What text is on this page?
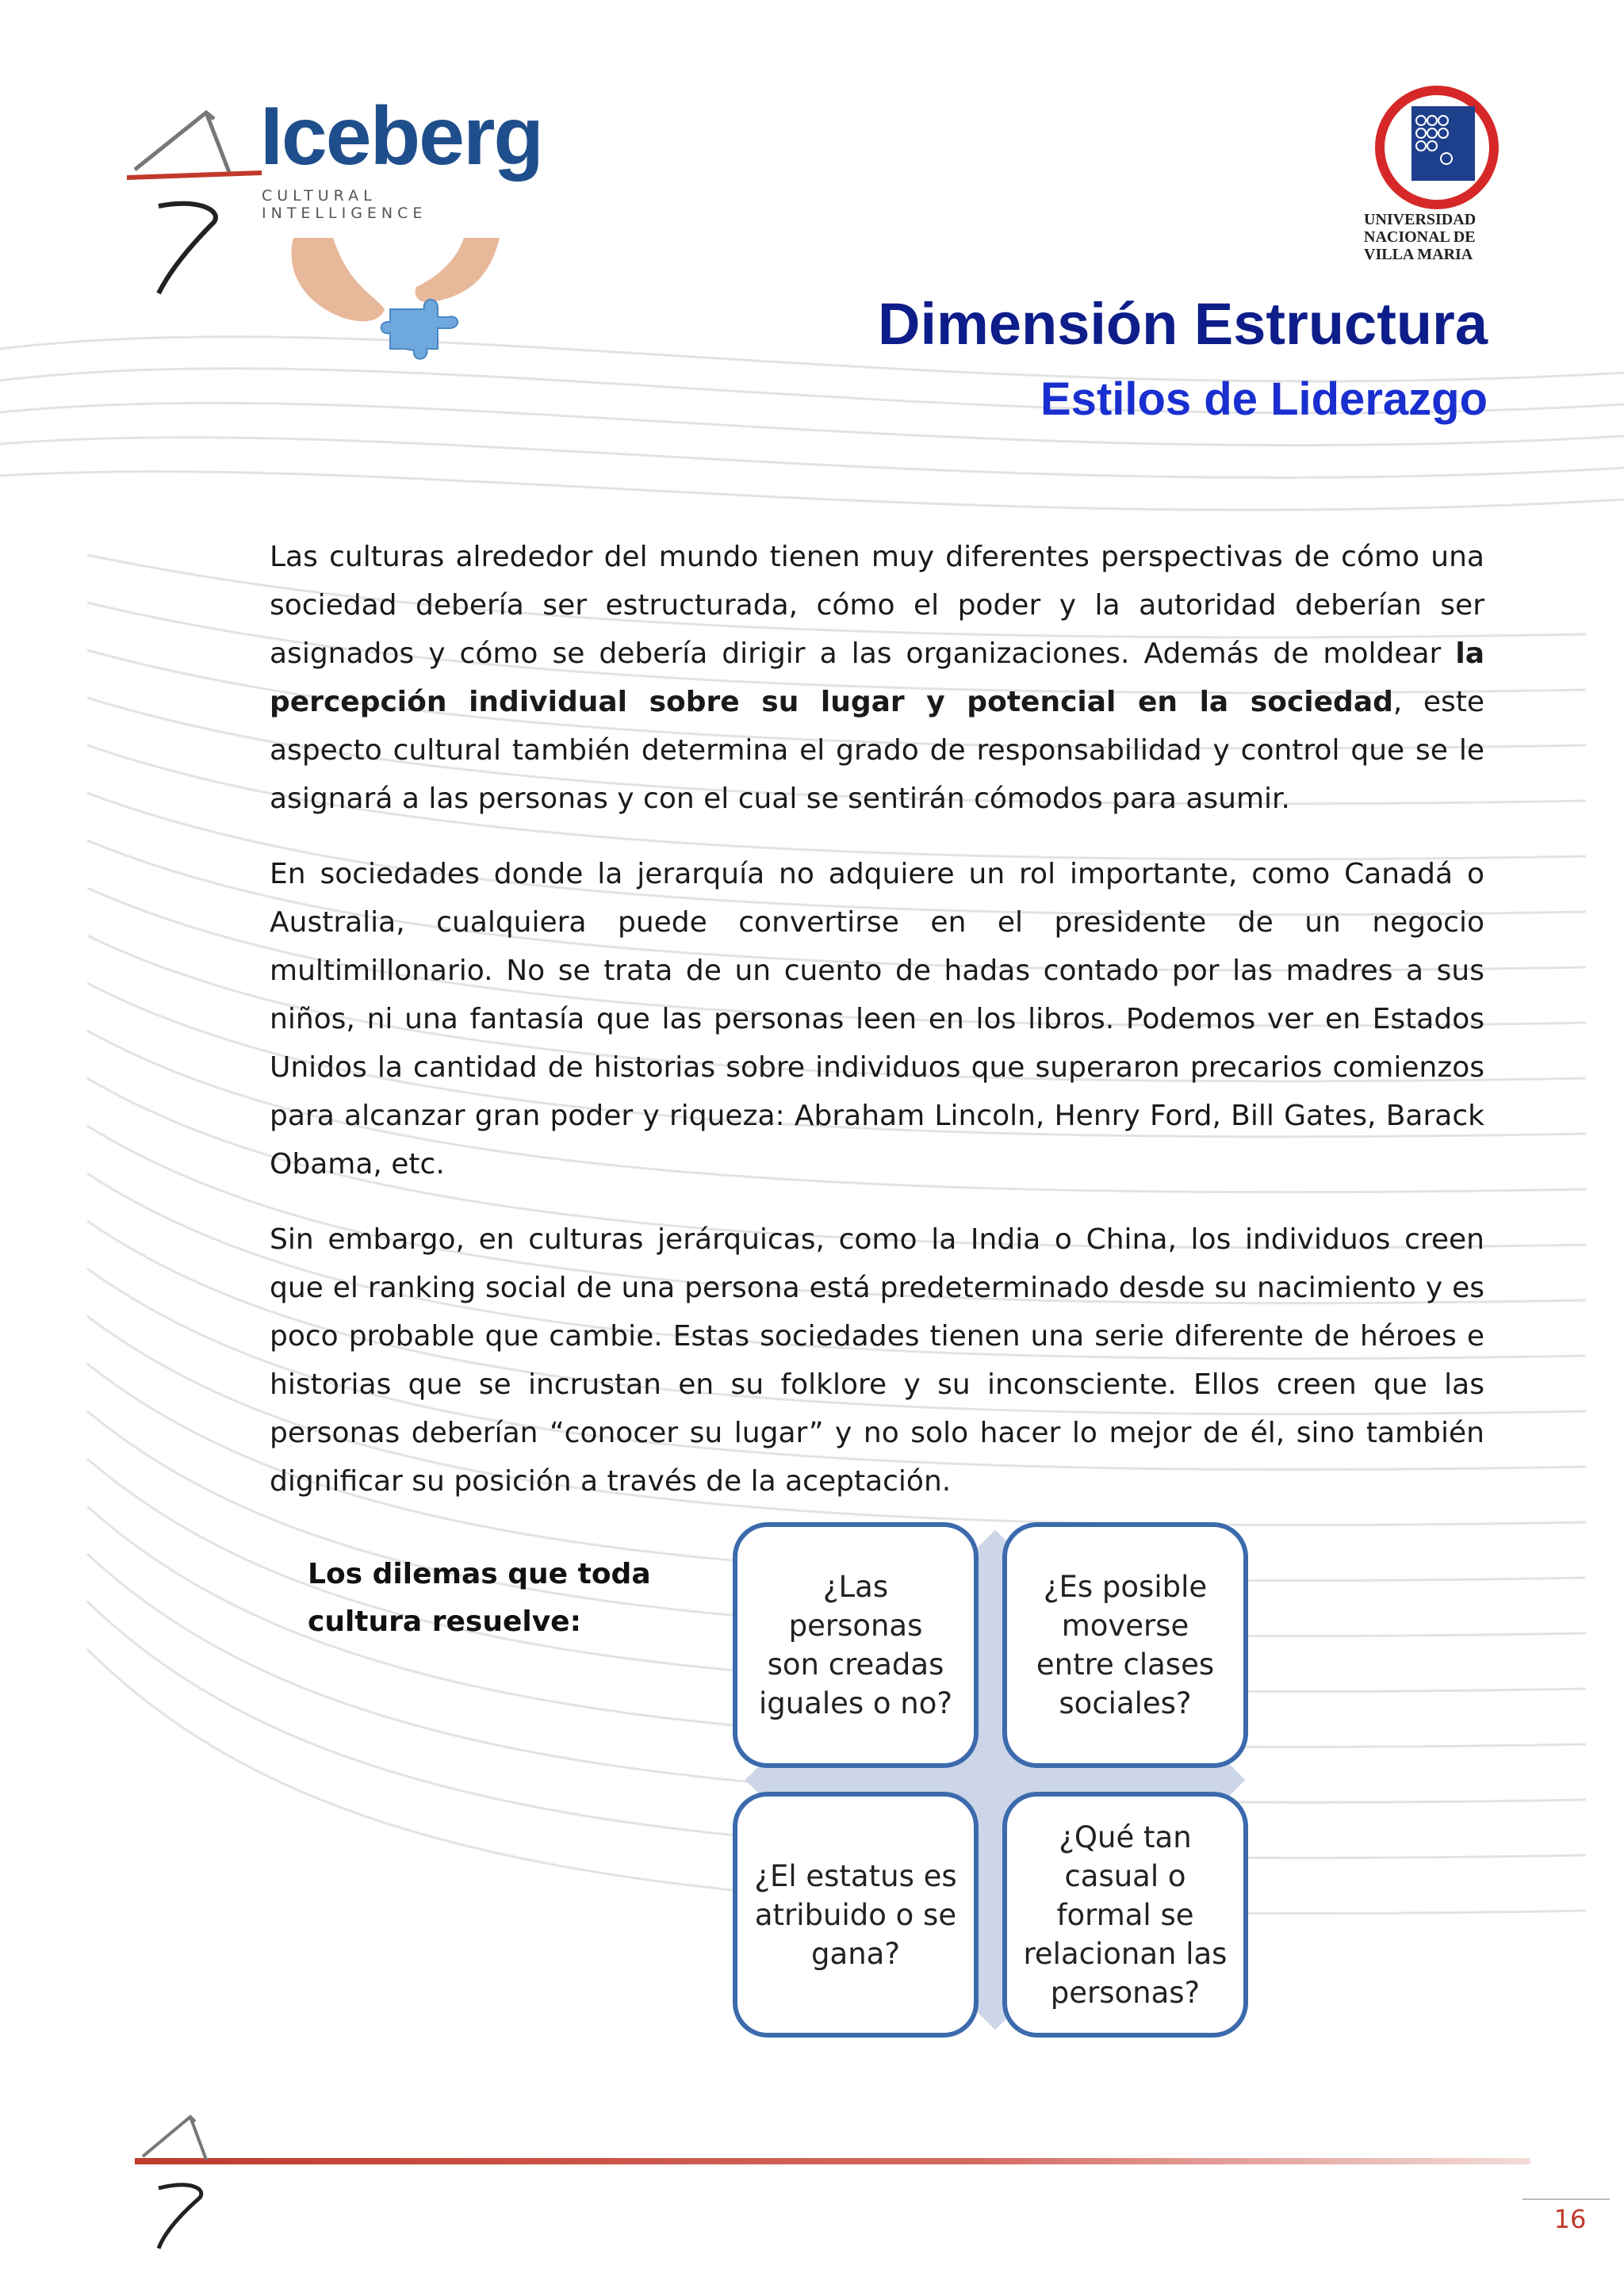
Iceberg
CULTURAL INTELLIGENCE	UNIVERSIDAD
NACIONAL DE
VILLA MARIA
Dimensión Estructura
Estilos de Liderazgo

Las culturas alrededor del mundo tienen muy diferentes perspectivas de cómo una sociedad debería ser estructurada, cómo el poder y la autoridad deberían ser asignados y cómo se debería dirigir a las organizaciones. Además de moldear la percepción individual sobre su lugar y potencial en la sociedad, este aspecto cultural también determina el grado de responsabilidad y control que se le asignará a las personas y con el cual se sentirán cómodos para asumir.

En sociedades donde la jerarquía no adquiere un rol importante, como Canadá o Australia, cualquiera puede convertirse en el presidente de un negocio multimillonario. No se trata de un cuento de hadas contado por las madres a sus niños, ni una fantasía que las personas leen en los libros. Podemos ver en Estados Unidos la cantidad de historias sobre individuos que superaron precarios comienzos para alcanzar gran poder y riqueza: Abraham Lincoln, Henry Ford, Bill Gates, Barack Obama, etc.

Sin embargo, en culturas jerárquicas, como la India o China, los individuos creen que el ranking social de una persona está predeterminado desde su nacimiento y es poco probable que cambie. Estas sociedades tienen una serie diferente de héroes e historias que se incrustan en su folklore y su inconsciente. Ellos creen que las personas deberían “conocer su lugar” y no solo hacer lo mejor de él, sino también dignificar su posición a través de la aceptación.

Los dilemas que toda
cultura resuelve:
¿Las personas
son creadas
iguales o no?
¿Es posible
moverse
entre clases
sociales?
¿El estatus es
atribuido o se
gana?
¿Qué tan
casual o
formal se
relacionan las
personas?
16
